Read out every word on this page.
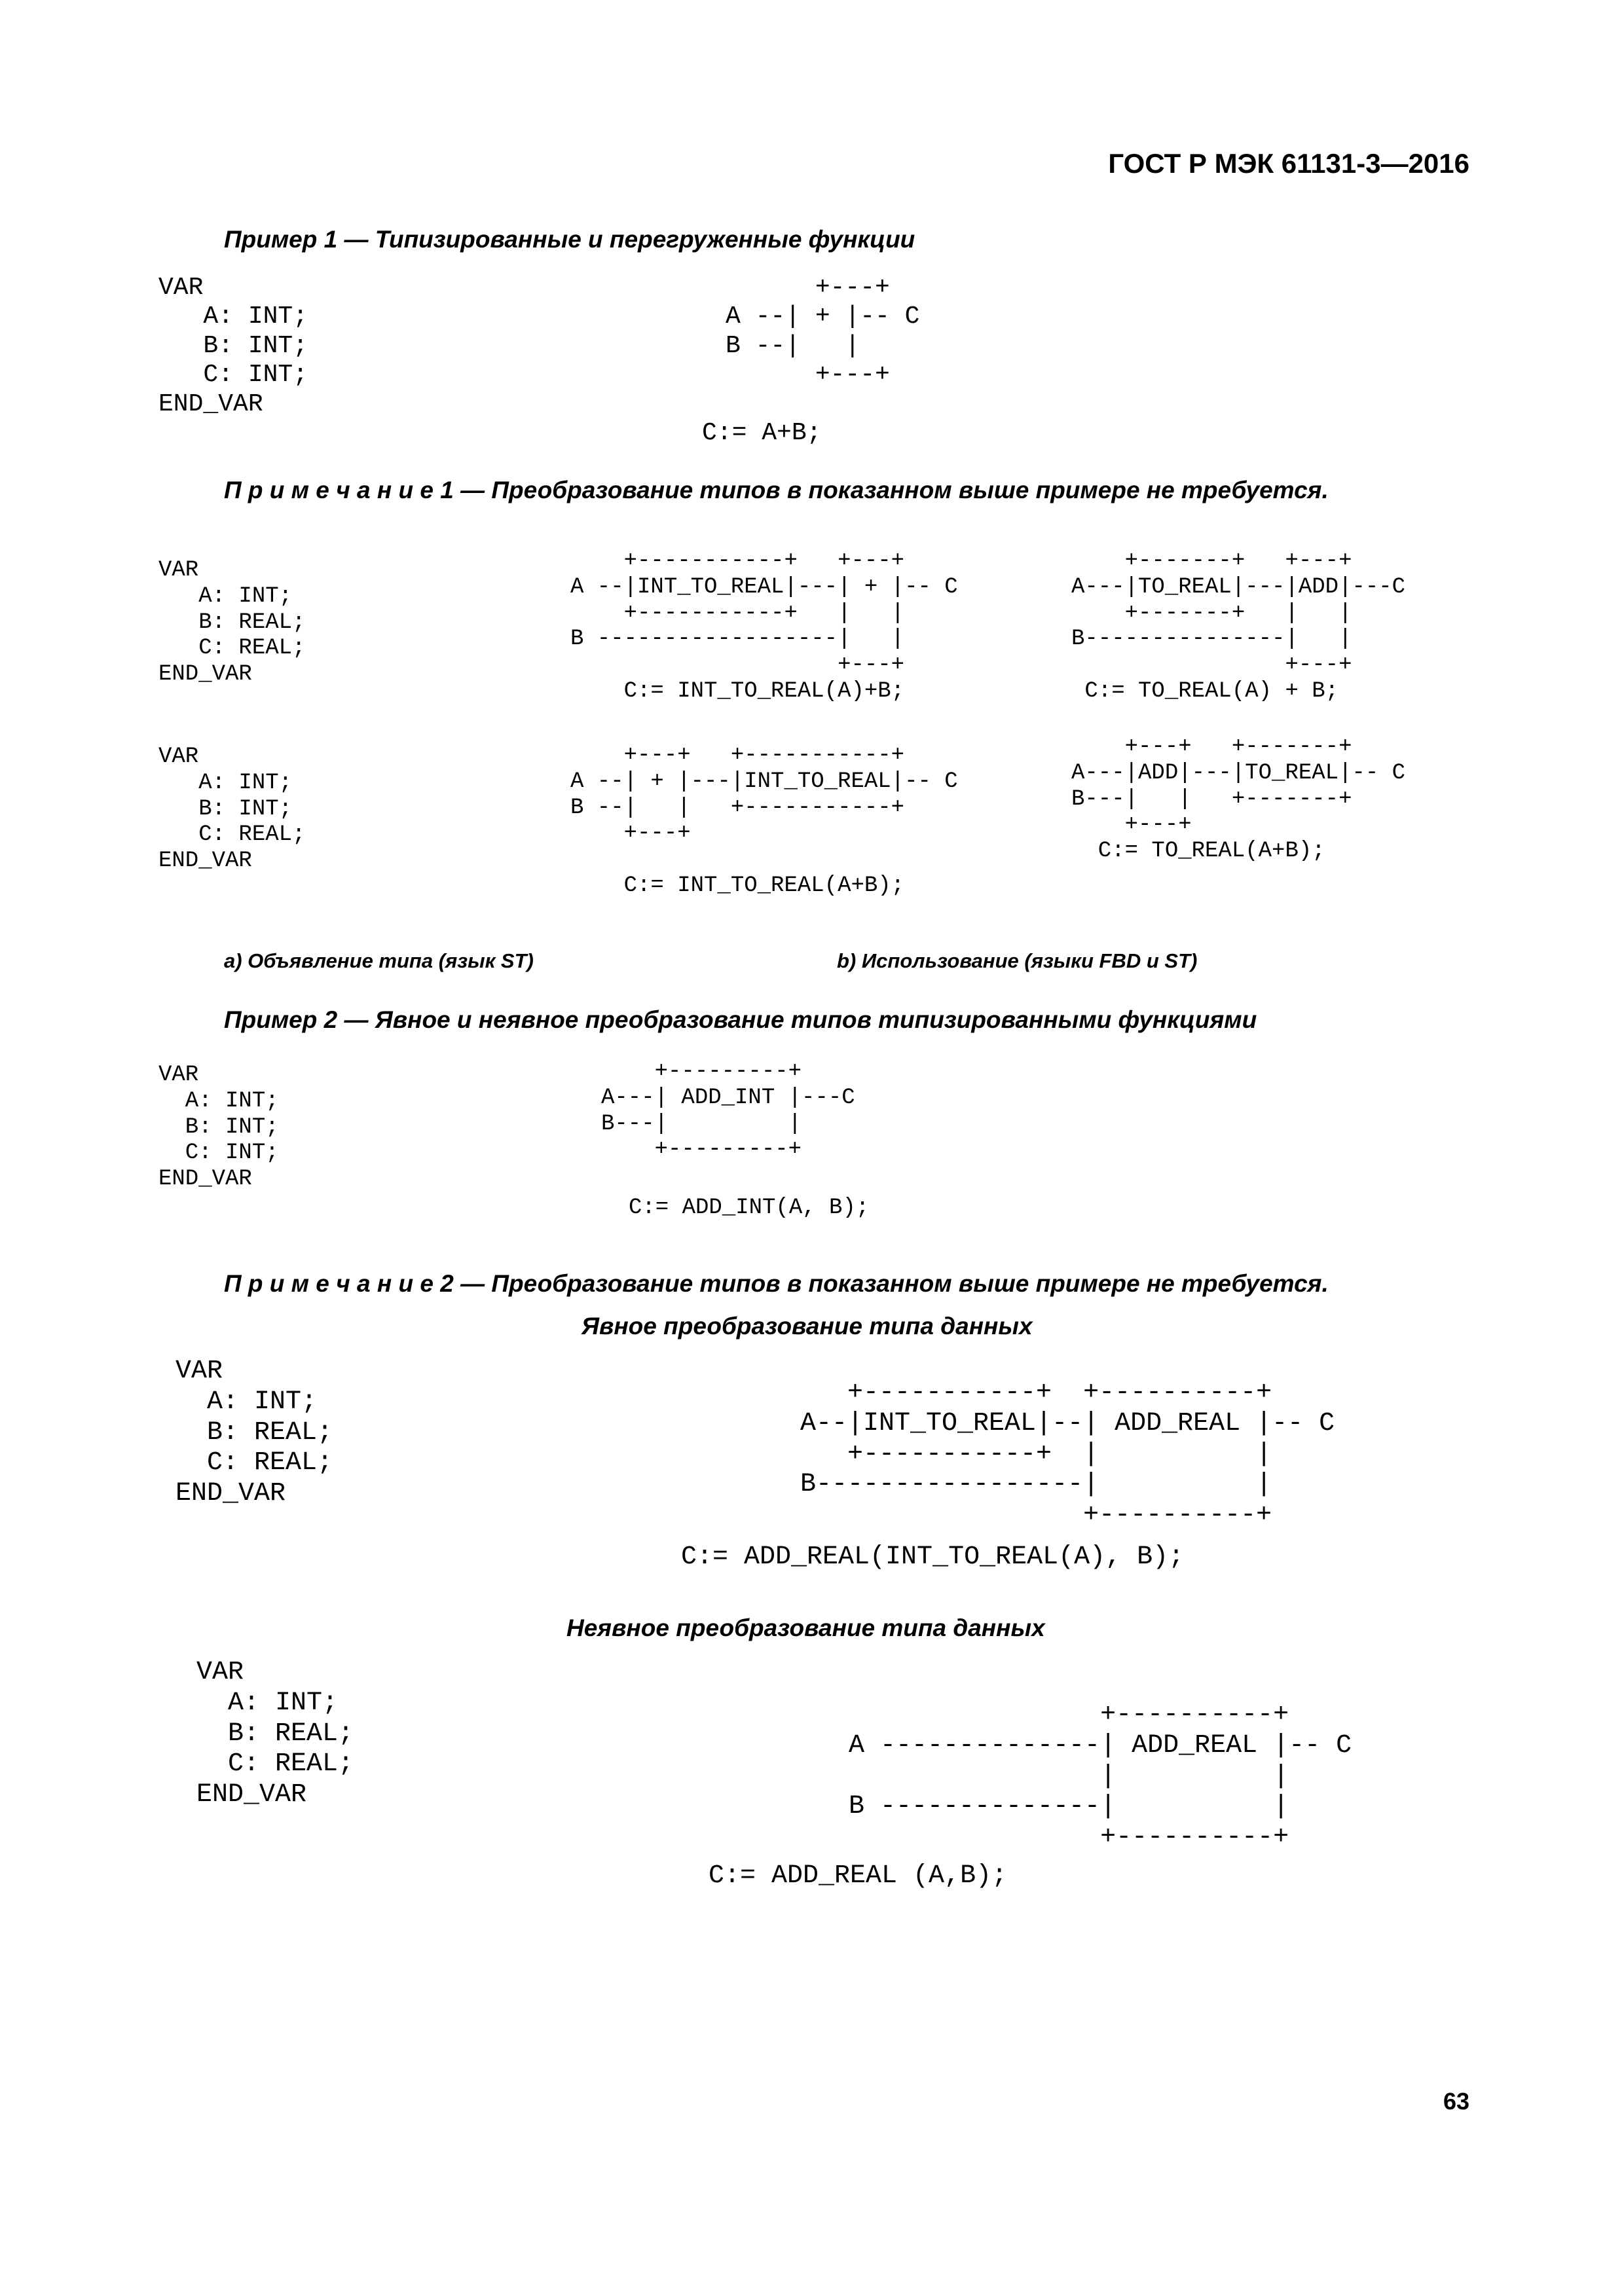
ГОСТ Р МЭК 61131-3—2016
Пример 1 — Типизированные и перегруженные функции
VAR
A: INT;
B: INT;
C: INT;
END_VAR
+---+
A --| + |-- C
B --|   |
+---+
C:= A+B;
П р и м е ч а н и е 1 — Преобразование типов в показанном выше примере не требуется.
VAR
A: INT;
B: REAL;
C: REAL;
END_VAR
+-----------+   +---+
A --|INT_TO_REAL|---| + |-- C
+-----------+   |   |
B ------------------|   |
+---+
C:= INT_TO_REAL(A)+B;
+-------+   +---+
A---|TO_REAL|---|ADD|---C
+-------+   |   |
B---------------|   |
+---+
C:= TO_REAL(A) + B;
VAR
A: INT;
B: INT;
C: REAL;
END_VAR
+---+   +-----------+
A --| + |---|INT_TO_REAL|-- C
B --|   |   +-----------+
+---+

C:= INT_TO_REAL(A+B);
+---+   +-------+
A---|ADD|---|TO_REAL|-- C
B---|   |   +-------+
+---+
C:= TO_REAL(A+B);
а) Объявление типа (язык ST)	b) Использование (языки FBD и ST)
Пример 2 — Явное и неявное преобразование типов типизированными функциями
VAR
A: INT;
B: INT;
C: INT;
END_VAR
+---------+
A---| ADD_INT |---C
B---|         |
+---------+
C:= ADD_INT(A, B);
П р и м е ч а н и е 2 — Преобразование типов в показанном выше примере не требуется.
Явное преобразование типа данных
VAR
A: INT;
B: REAL;
C: REAL;
END_VAR
+-----------+  +----------+
A--|INT_TO_REAL|--| ADD_REAL |-- C
+-----------+  |          |
B-----------------|          |
+----------+
C:= ADD_REAL(INT_TO_REAL(A), B);
Неявное преобразование типа данных
VAR
A: INT;
B: REAL;
C: REAL;
END_VAR
+----------+
A --------------| ADD_REAL |-- C
|          |
B --------------|          |
+----------+
C:= ADD_REAL (A,B);
63
